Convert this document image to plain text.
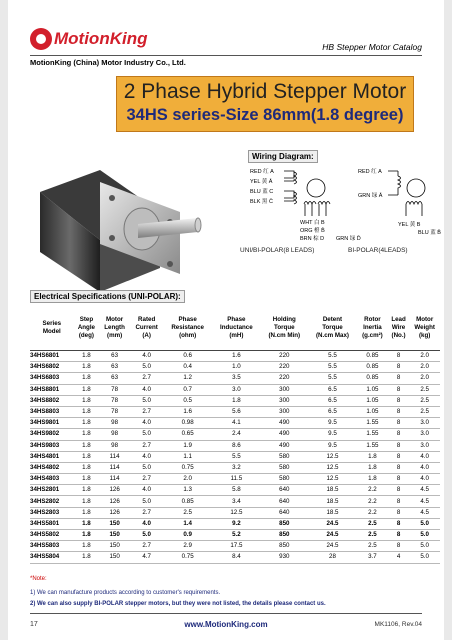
MotionKing	HB Stepper Motor Catalog
MotionKing (China) Motor Industry Co., Ltd.
2 Phase Hybrid Stepper Motor
34HS series-Size 86mm(1.8 degree)
Wiring Diagram:
RED 红 A
YEL 黄 Ā
BLU 蓝 C
BLK 黑 C̄
WHT 白 B
ORG 橙 B̄
BRN 棕 D GRN 绿 D̄
RED 红 A
GRN 绿 Ā
YEL 黄 B
BLU 蓝 B̄
UNI/BI-POLAR(8 LEADS)	BI-POLAR(4LEADS)
Electrical Specifications (UNI-POLAR):
Series
Model	Step
Angle
(deg)	Motor
Length
(mm)	Rated
Current
(A)	Phase
Resistance
(ohm)	Phase
Inductance
(mH)	Holding
Torque
(N.cm Min)	Detent
Torque
(N.cm Max)	Rotor
Inertia
(g.cm²)	Lead
Wire
(No.)	Motor
Weight
(kg)
34HS6801	1.8	63	4.0	0.6	1.6	220	5.5	0.85	8	2.0
34HS6802	1.8	63	5.0	0.4	1.0	220	5.5	0.85	8	2.0
34HS6803	1.8	63	2.7	1.2	3.5	220	5.5	0.85	8	2.0
34HS8801	1.8	78	4.0	0.7	3.0	300	6.5	1.05	8	2.5
34HS8802	1.8	78	5.0	0.5	1.8	300	6.5	1.05	8	2.5
34HS8803	1.8	78	2.7	1.6	5.6	300	6.5	1.05	8	2.5
34HS9801	1.8	98	4.0	0.98	4.1	490	9.5	1.55	8	3.0
34HS9802	1.8	98	5.0	0.65	2.4	490	9.5	1.55	8	3.0
34HS9803	1.8	98	2.7	1.9	8.6	490	9.5	1.55	8	3.0
34HS4801	1.8	114	4.0	1.1	5.5	580	12.5	1.8	8	4.0
34HS4802	1.8	114	5.0	0.75	3.2	580	12.5	1.8	8	4.0
34HS4803	1.8	114	2.7	2.0	11.5	580	12.5	1.8	8	4.0
34HS2801	1.8	126	4.0	1.3	5.8	640	18.5	2.2	8	4.5
34HS2802	1.8	126	5.0	0.85	3.4	640	18.5	2.2	8	4.5
34HS2803	1.8	126	2.7	2.5	12.5	640	18.5	2.2	8	4.5
34HS5801	1.8	150	4.0	1.4	9.2	850	24.5	2.5	8	5.0
34HS5802	1.8	150	5.0	0.9	5.2	850	24.5	2.5	8	5.0
34HS5803	1.8	150	2.7	2.9	17.5	850	24.5	2.5	8	5.0
34HS5804	1.8	150	4.7	0.75	8.4	930	28	3.7	4	5.0
*Note:
1) We can manufacture products according to customer's requirements.
2) We can also supply BI-POLAR stepper motors, but they were not listed, the details please contact us.
17	www.MotionKing.com	MK1106, Rev.04
